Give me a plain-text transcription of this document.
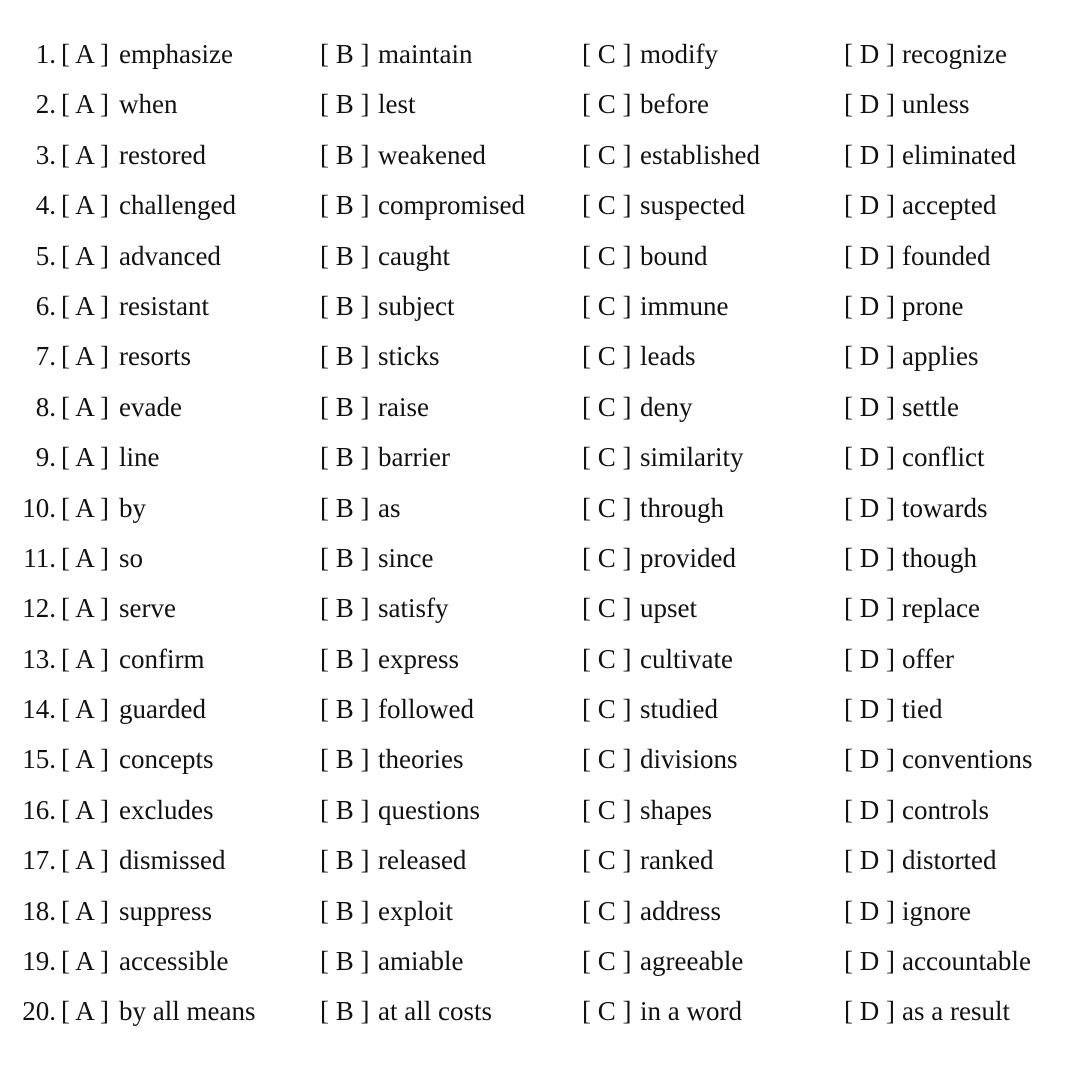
1. [ A ] emphasize	[ B ] maintain	[ C ] modify	[ D ] recognize
2. [ A ] when	[ B ] lest	[ C ] before	[ D ] unless
3. [ A ] restored	[ B ] weakened	[ C ] established	[ D ] eliminated
4. [ A ] challenged	[ B ] compromised [ C ] suspected	[ D ] accepted
5. [ A ] advanced	[ B ] caught	[ C ] bound	[ D ] founded
6. [ A ] resistant	[ B ] subject	[ C ] immune	[ D ] prone
7. [ A ] resorts	[ B ] sticks	[ C ] leads	[ D ] applies
8. [ A ] evade	[ B ] raise	[ C ] deny	[ D ] settle
9. [ A ] line	[ B ] barrier	[ C ] similarity	[ D ] conflict
10. [ A ] by	[ B ] as	[ C ] through	[ D ] towards
11. [ A ] so	[ B ] since	[ C ] provided	[ D ] though
12. [ A ] serve	[ B ] satisfy	[ C ] upset	[ D ] replace
13. [ A ] confirm	[ B ] express	[ C ] cultivate	[ D ] offer
14. [ A ] guarded	[ B ] followed	[ C ] studied	[ D ] tied
15. [ A ] concepts	[ B ] theories	[ C ] divisions	[ D ] conventions
16. [ A ] excludes	[ B ] questions	[ C ] shapes	[ D ] controls
17. [ A ] dismissed	[ B ] released	[ C ] ranked	[ D ] distorted
18. [ A ] suppress	[ B ] exploit	[ C ] address	[ D ] ignore
19. [ A ] accessible	[ B ] amiable	[ C ] agreeable	[ D ] accountable
20. [ A ] by all means [ B ] at all costs	[ C ] in a word	[ D ] as a result
